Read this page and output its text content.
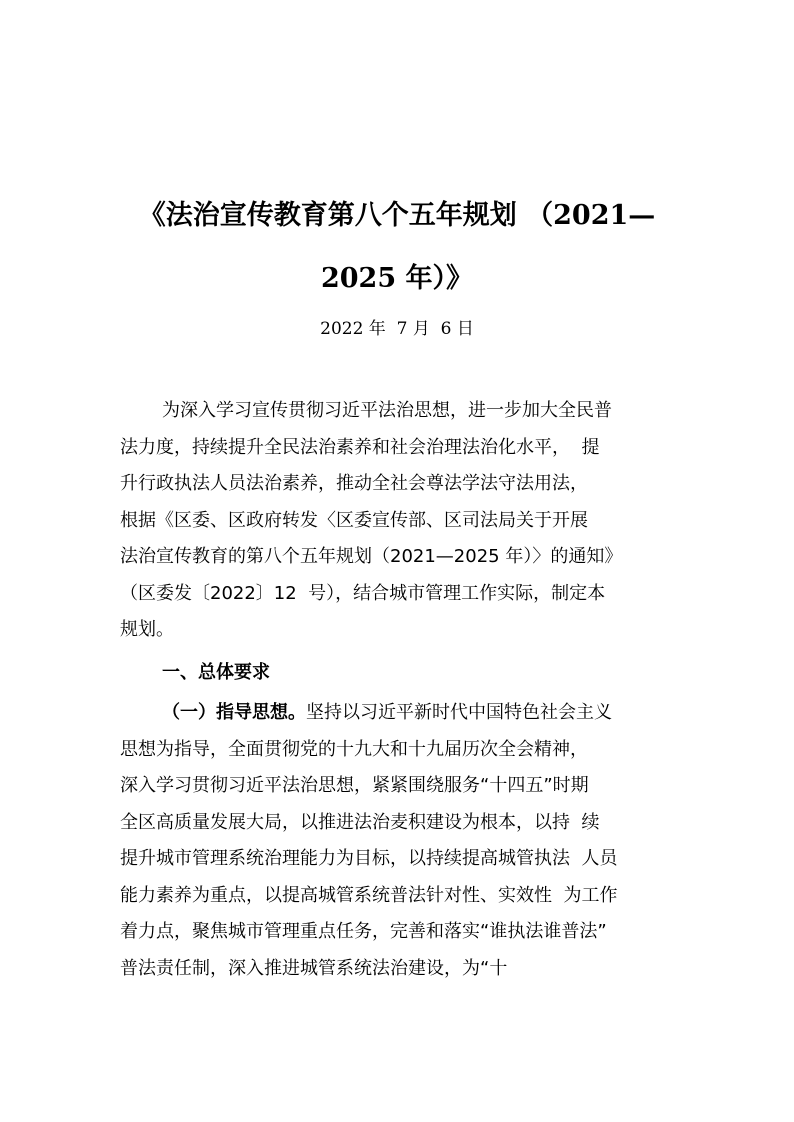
《法治宣传教育第八个五年规划 （2021—
2025 年）》
2022 年  7 月  6 日
为深入学习宣传贯彻习近平法治思想，进一步加大全民普
法力度，持续提升全民法治素养和社会治理法治化水平，  提
升行政执法人员法治素养，推动全社会尊法学法守法用法，
根据《区委、区政府转发〈区委宣传部、区司法局关于开展
法治宣传教育的第八个五年规划（2021—2025 年）〉的通知》
（区委发〔2022〕12  号），结合城市管理工作实际，制定本
规划。
一、总体要求
（一）指导思想。坚持以习近平新时代中国特色社会主义
思想为指导，全面贯彻党的十九大和十九届历次全会精神，
深入学习贯彻习近平法治思想，紧紧围绕服务“十四五”时期
全区高质量发展大局，以推进法治麦积建设为根本，以持  续
提升城市管理系统治理能力为目标，以持续提高城管执法  人员
能力素养为重点，以提高城管系统普法针对性、实效性  为工作
着力点，聚焦城市管理重点任务，完善和落实“谁执法谁普法”
普法责任制，深入推进城管系统法治建设，为“十
